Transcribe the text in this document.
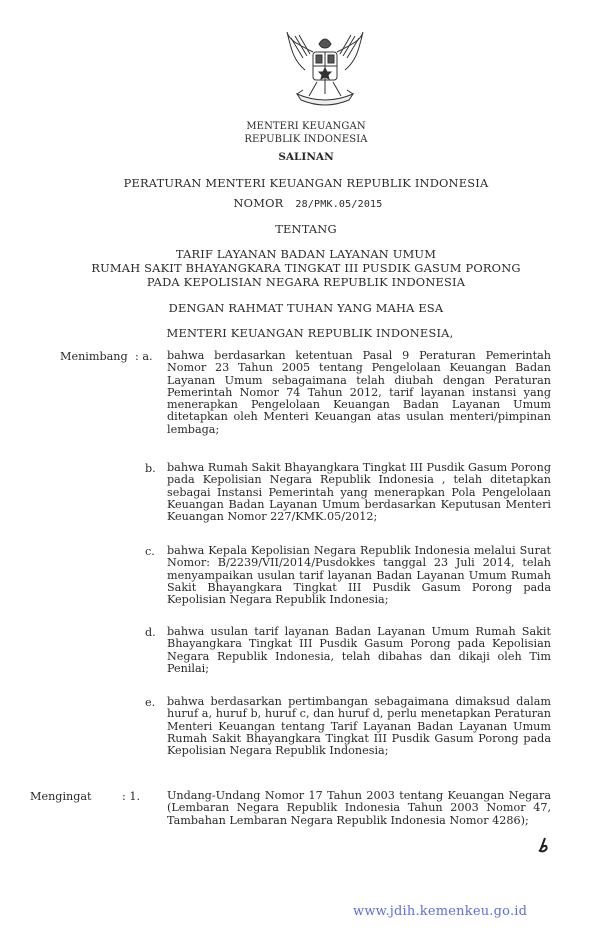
MENTERI KEUANGAN
REPUBLIK INDONESIA
SALINAN
PERATURAN MENTERI KEUANGAN REPUBLIK INDONESIA
NOMOR 28/PMK.05/2015
TENTANG
TARIF LAYANAN BADAN LAYANAN UMUM
RUMAH SAKIT BHAYANGKARA TINGKAT III PUSDIK GASUM PORONG
PADA KEPOLISIAN NEGARA REPUBLIK INDONESIA
DENGAN RAHMAT TUHAN YANG MAHA ESA
MENTERI KEUANGAN REPUBLIK INDONESIA,
Menimbang : a. bahwa berdasarkan ketentuan Pasal 9 Peraturan Pemerintah Nomor 23 Tahun 2005 tentang Pengelolaan Keuangan Badan Layanan Umum sebagaimana telah diubah dengan Peraturan Pemerintah Nomor 74 Tahun 2012, tarif layanan instansi yang menerapkan Pengelolaan Keuangan Badan Layanan Umum ditetapkan oleh Menteri Keuangan atas usulan menteri/pimpinan lembaga;
b. bahwa Rumah Sakit Bhayangkara Tingkat III Pusdik Gasum Porong pada Kepolisian Negara Republik Indonesia , telah ditetapkan sebagai Instansi Pemerintah yang menerapkan Pola Pengelolaan Keuangan Badan Layanan Umum berdasarkan Keputusan Menteri Keuangan Nomor 227/KMK.05/2012;
c. bahwa Kepala Kepolisian Negara Republik Indonesia melalui Surat Nomor: B/2239/VII/2014/Pusdokkes tanggal 23 Juli 2014, telah menyampaikan usulan tarif layanan Badan Layanan Umum Rumah Sakit Bhayangkara Tingkat III Pusdik Gasum Porong pada Kepolisian Negara Republik Indonesia;
d. bahwa usulan tarif layanan Badan Layanan Umum Rumah Sakit Bhayangkara Tingkat III Pusdik Gasum Porong pada Kepolisian Negara Republik Indonesia, telah dibahas dan dikaji oleh Tim Penilai;
e. bahwa berdasarkan pertimbangan sebagaimana dimaksud dalam huruf a, huruf b, huruf c, dan huruf d, perlu menetapkan Peraturan Menteri Keuangan tentang Tarif Layanan Badan Layanan Umum Rumah Sakit Bhayangkara Tingkat III Pusdik Gasum Porong pada Kepolisian Negara Republik Indonesia;
Mengingat	: 1. Undang-Undang Nomor 17 Tahun 2003 tentang Keuangan Negara (Lembaran Negara Republik Indonesia Tahun 2003 Nomor 47, Tambahan Lembaran Negara Republik Indonesia Nomor 4286);
www.jdih.kemenkeu.go.id
